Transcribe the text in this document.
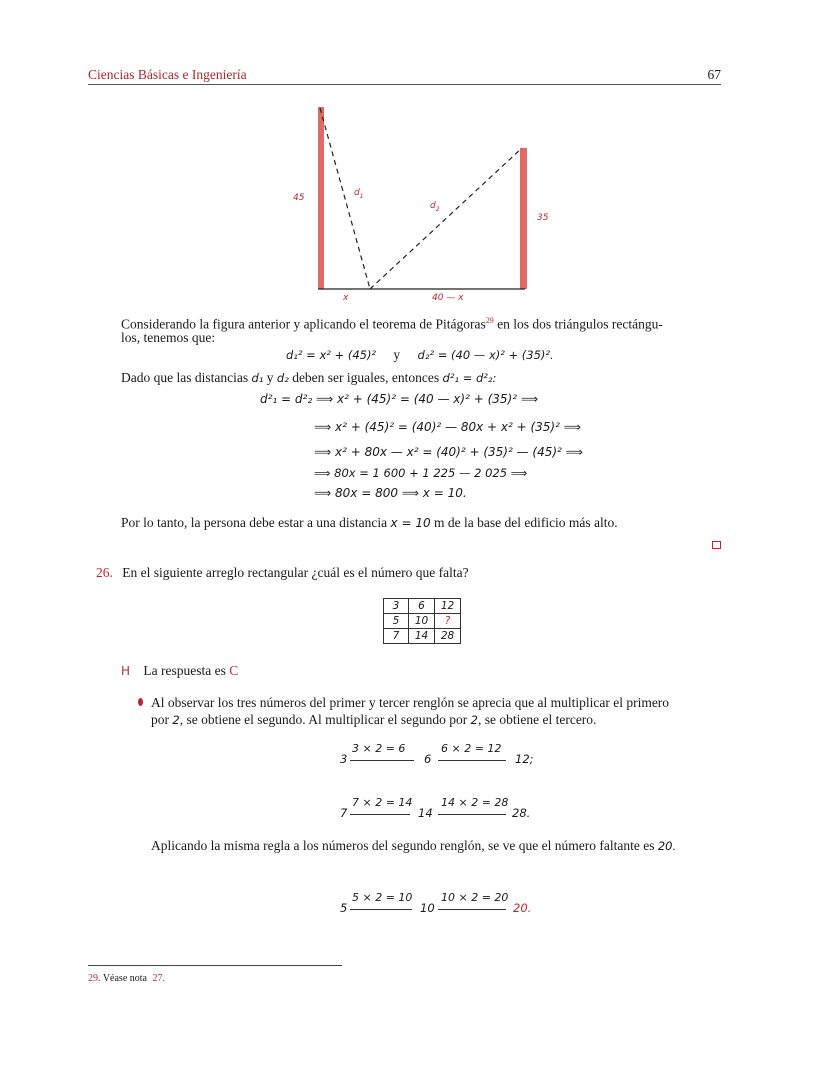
Ciencias Básicas e Ingeniería	67
45
35
$d_1$
$d_2$
x	40 — x
Considerando la figura anterior y aplicando el teorema de Pitágoras$^{29}$ en los dos triángulos rectángu-
los, tenemos que:
d₁² = x² + (45)² y d₂² = (40 — x)² + (35)².
Dado que las distancias d₁ y d₂ deben ser iguales, entonces d²₁ = d²₂:
d²₁ = d²₂ ⟹ x² + (45)² = (40 — x)² + (35)² ⟹
⟹ x² + (45)² = (40)² — 80x + x² + (35)² ⟹
⟹ x² + 80x — x² = (40)² + (35)² — (45)² ⟹
⟹ 80x = 1 600 + 1 225 — 2 025 ⟹
⟹ 80x = 800 ⟹ x = 10.
Por lo tanto, la persona debe estar a una distancia x = 10 m de la base del edificio más alto.
26. En el siguiente arreglo rectangular ¿cuál es el número que falta?
3	6	12
5	10	?
7	14	28
H La respuesta es C
Al observar los tres números del primer y tercer renglón se aprecia que al multiplicar el primero
por 2, se obtiene el segundo. Al multiplicar el segundo por 2, se obtiene el tercero.
3
3 × 2 = 6
6
6 × 2 = 12
12;
7
7 × 2 = 14
14
14 × 2 = 28
28.
Aplicando la misma regla a los números del segundo renglón, se ve que el número faltante es 20.
5
5 × 2 = 10
10
10 × 2 = 20
20.
29. Véase nota 27.
